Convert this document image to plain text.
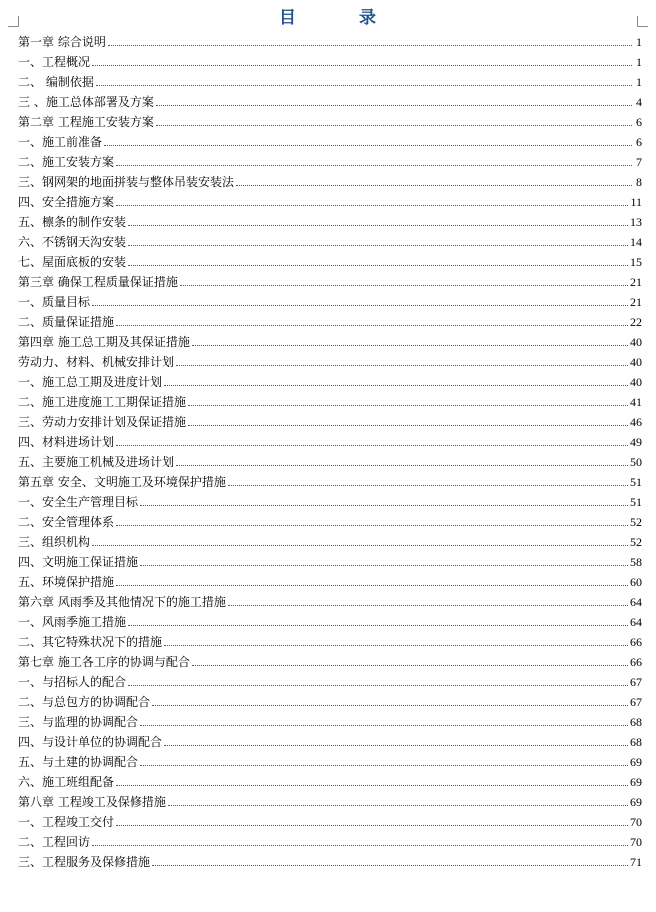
目	录
第一章 综合说明	1
一、工程概况	1
二、 编制依据	1
三 、施工总体部署及方案	4
第二章 工程施工安装方案	6
一、施工前准备	6
二、施工安装方案	7
三、钢网架的地面拼装与整体吊装安装法	8
四、安全措施方案	11
五、檩条的制作安装	13
六、不锈钢天沟安装	14
七、屋面底板的安装	15
第三章 确保工程质量保证措施	21
一、质量目标	21
二、质量保证措施	22
第四章 施工总工期及其保证措施	40
劳动力、材料、机械安排计划	40
一、施工总工期及进度计划	40
二、施工进度施工工期保证措施	41
三、劳动力安排计划及保证措施	46
四、材料进场计划	49
五、主要施工机械及进场计划	50
第五章 安全、文明施工及环境保护措施	51
一、安全生产管理目标	51
二、安全管理体系	52
三、组织机构	52
四、文明施工保证措施	58
五、环境保护措施	60
第六章 风雨季及其他情况下的施工措施	64
一、风雨季施工措施	64
二、其它特殊状况下的措施	66
第七章 施工各工序的协调与配合	66
一、与招标人的配合	67
二、与总包方的协调配合	67
三、与监理的协调配合	68
四、与设计单位的协调配合	68
五、与土建的协调配合	69
六、施工班组配备	69
第八章 工程竣工及保修措施	69
一、工程竣工交付	70
二、工程回访	70
三、工程服务及保修措施	71
